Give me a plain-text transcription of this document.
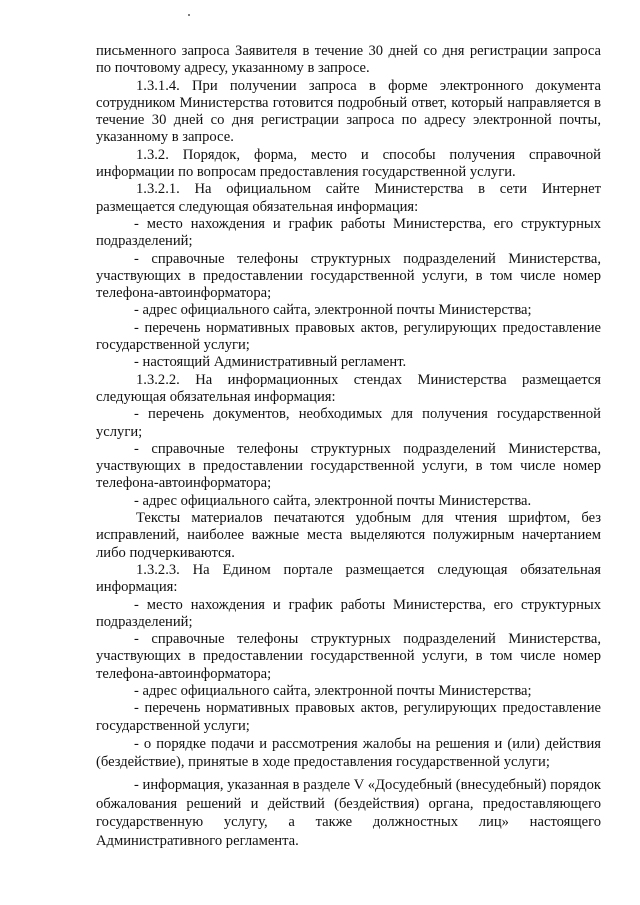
письменного запроса Заявителя в течение 30 дней со дня регистрации запроса по почтовому адресу, указанному в запросе.

1.3.1.4. При получении запроса в форме электронного документа сотрудником Министерства готовится подробный ответ, который направляется в течение 30 дней со дня регистрации запроса по адресу электронной почты, указанному в запросе.

1.3.2. Порядок, форма, место и способы получения справочной информации по вопросам предоставления государственной услуги.

1.3.2.1. На официальном сайте Министерства в сети Интернет размещается следующая обязательная информация:

- место нахождения и график работы Министерства, его структурных подразделений;

- справочные телефоны структурных подразделений Министерства, участвующих в предоставлении государственной услуги, в том числе номер телефона-автоинформатора;

- адрес официального сайта, электронной почты Министерства;

- перечень нормативных правовых актов, регулирующих предоставление государственной услуги;

- настоящий Административный регламент.

1.3.2.2. На информационных стендах Министерства размещается следующая обязательная информация:

- перечень документов, необходимых для получения государственной услуги;

- справочные телефоны структурных подразделений Министерства, участвующих в предоставлении государственной услуги, в том числе номер телефона-автоинформатора;

- адрес официального сайта, электронной почты Министерства.

Тексты материалов печатаются удобным для чтения шрифтом, без исправлений, наиболее важные места выделяются полужирным начертанием либо подчеркиваются.

1.3.2.3. На Едином портале размещается следующая обязательная информация:

- место нахождения и график работы Министерства, его структурных подразделений;

- справочные телефоны структурных подразделений Министерства, участвующих в предоставлении государственной услуги, в том числе номер телефона-автоинформатора;

- адрес официального сайта, электронной почты Министерства;

- перечень нормативных правовых актов, регулирующих предоставление государственной услуги;

- о порядке подачи и рассмотрения жалобы на решения и (или) действия (бездействие), принятые в ходе предоставления государственной услуги;

- информация, указанная в разделе V «Досудебный (внесудебный) порядок обжалования решений и действий (бездействия) органа, предоставляющего государственную услугу, а также должностных лиц» настоящего Административного регламента.
